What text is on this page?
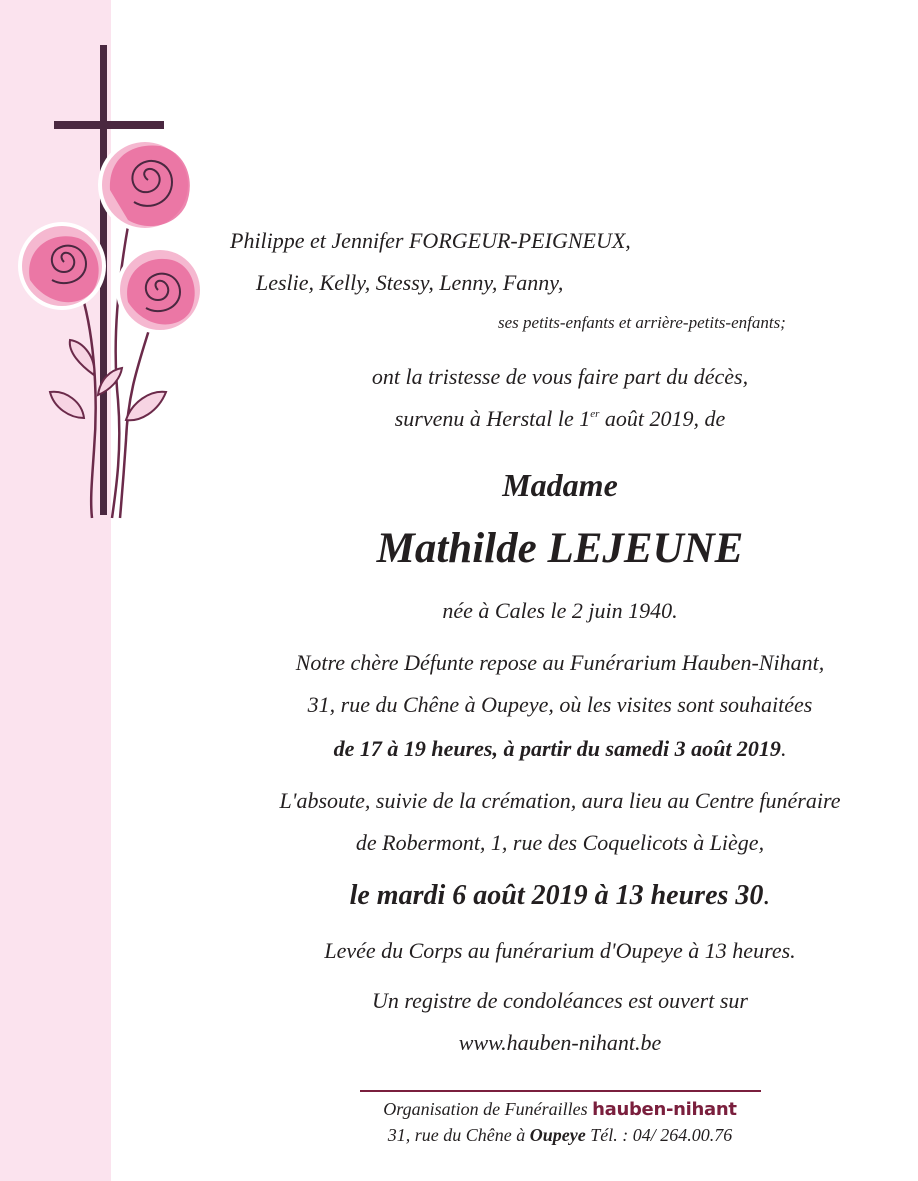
Philippe et Jennifer FORGEUR-PEIGNEUX,
Leslie, Kelly, Stessy, Lenny, Fanny,
ses petits-enfants et arrière-petits-enfants;
ont la tristesse de vous faire part du décès,
survenu à Herstal le 1er août 2019, de
Madame
Mathilde LEJEUNE
née à Cales le 2 juin 1940.
Notre chère Défunte repose au Funérarium Hauben-Nihant,
31, rue du Chêne à Oupeye, où les visites sont souhaitées
de 17 à 19 heures, à partir du samedi 3 août 2019.
L'absoute, suivie de la crémation, aura lieu au Centre funéraire
de Robermont, 1, rue des Coquelicots à Liège,
le mardi 6 août 2019 à 13 heures 30.
Levée du Corps au funérarium d'Oupeye à 13 heures.
Un registre de condoléances est ouvert sur
www.hauben-nihant.be
Organisation de Funérailles hauben-nihant
31, rue du Chêne à Oupeye Tél. : 04/ 264.00.76
